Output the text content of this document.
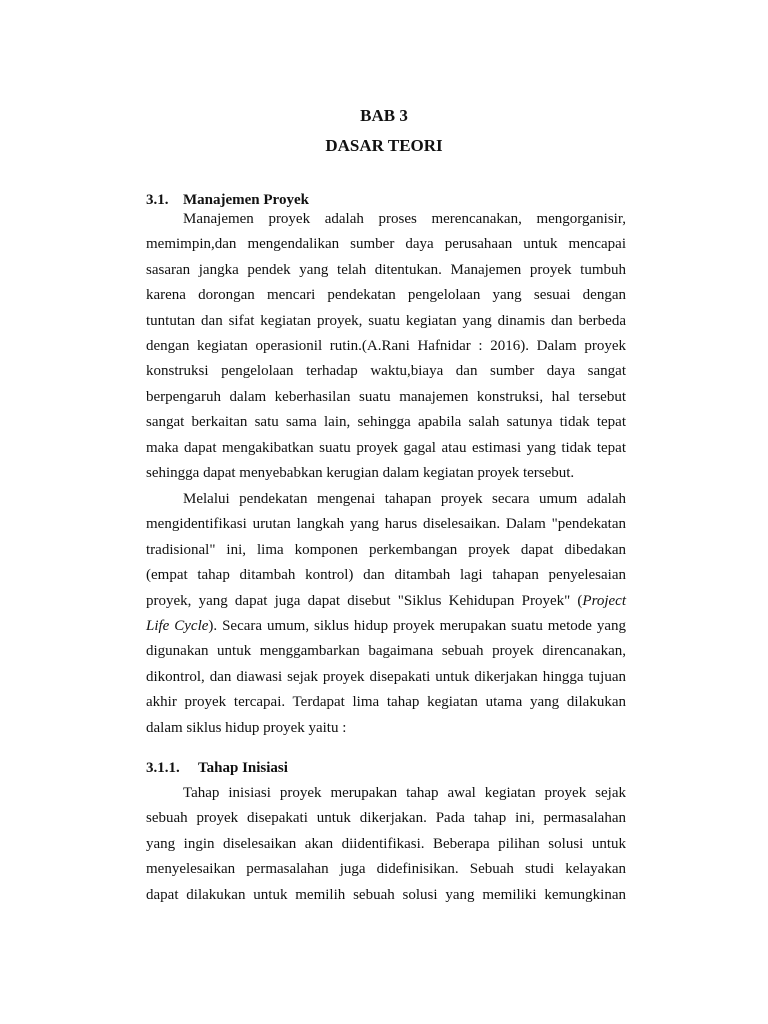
BAB 3
DASAR TEORI
3.1. Manajemen Proyek
Manajemen proyek adalah proses merencanakan, mengorganisir,
memimpin,dan mengendalikan sumber daya perusahaan untuk mencapai
sasaran jangka pendek yang telah ditentukan. Manajemen proyek tumbuh
karena dorongan mencari pendekatan pengelolaan yang sesuai dengan
tuntutan dan sifat kegiatan proyek, suatu kegiatan yang dinamis dan berbeda
dengan kegiatan operasionil rutin.(A.Rani Hafnidar : 2016). Dalam proyek
konstruksi pengelolaan terhadap waktu,biaya dan sumber daya sangat
berpengaruh dalam keberhasilan suatu manajemen konstruksi, hal tersebut
sangat berkaitan satu sama lain, sehingga apabila salah satunya tidak tepat
maka dapat mengakibatkan suatu proyek gagal atau estimasi yang tidak tepat
sehingga dapat menyebabkan kerugian dalam kegiatan proyek tersebut.
Melalui pendekatan mengenai tahapan proyek secara umum adalah
mengidentifikasi urutan langkah yang harus diselesaikan. Dalam "pendekatan
tradisional" ini, lima komponen perkembangan proyek dapat dibedakan
(empat tahap ditambah kontrol) dan ditambah lagi tahapan penyelesaian
proyek, yang dapat juga dapat disebut "Siklus Kehidupan Proyek" (Project
Life Cycle). Secara umum, siklus hidup proyek merupakan suatu metode yang
digunakan untuk menggambarkan bagaimana sebuah proyek direncanakan,
dikontrol, dan diawasi sejak proyek disepakati untuk dikerjakan hingga tujuan
akhir proyek tercapai. Terdapat lima tahap kegiatan utama yang dilakukan
dalam siklus hidup proyek yaitu :
3.1.1. Tahap Inisiasi
Tahap inisiasi proyek merupakan tahap awal kegiatan proyek sejak
sebuah proyek disepakati untuk dikerjakan. Pada tahap ini, permasalahan
yang ingin diselesaikan akan diidentifikasi. Beberapa pilihan solusi untuk
menyelesaikan permasalahan juga didefinisikan. Sebuah studi kelayakan
dapat dilakukan untuk memilih sebuah solusi yang memiliki kemungkinan
